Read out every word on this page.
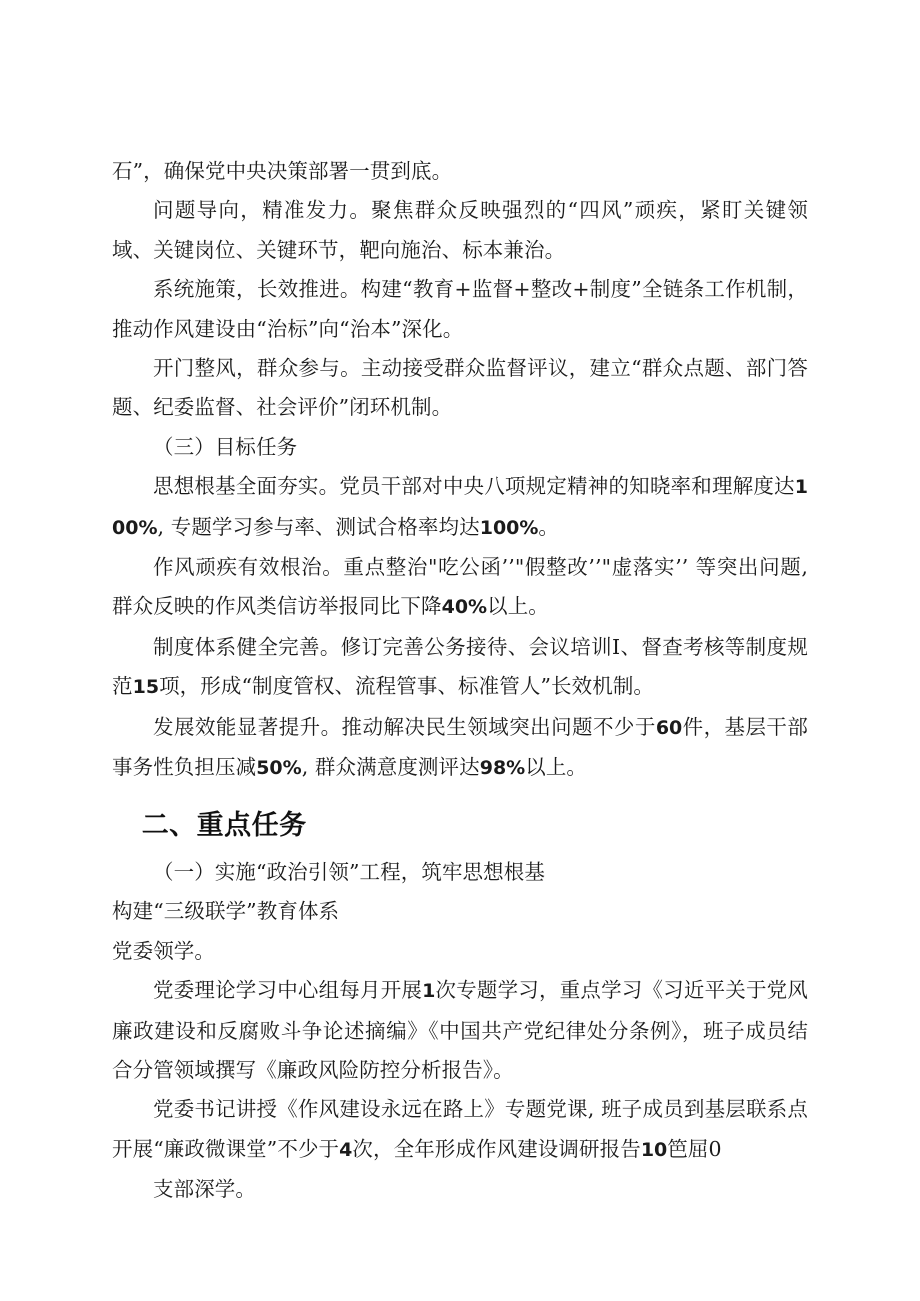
石”，确保党中央决策部署一贯到底。

问题导向，精准发力。聚焦群众反映强烈的“四风”顽疾，紧盯关键领域、关键岗位、关键环节，靶向施治、标本兼治。

系统施策，长效推进。构建“教育+监督+整改+制度”全链条工作机制，推动作风建设由“治标”向“治本”深化。

开门整风，群众参与。主动接受群众监督评议，建立“群众点题、部门答题、纪委监督、社会评价”闭环机制。

（三）目标任务

思想根基全面夯实。党员干部对中央八项规定精神的知晓率和理解度达100%, 专题学习参与率、测试合格率均达100%。

作风顽疾有效根治。重点整治"吃公函’’"假整改’’"虚落实’’ 等突出问题, 群众反映的作风类信访举报同比下降40%以上。

制度体系健全完善。修订完善公务接待、会议培训I、督查考核等制度规范15项，形成“制度管权、流程管事、标准管人”长效机制。

发展效能显著提升。推动解决民生领域突出问题不少于60件，基层干部事务性负担压减50%, 群众满意度测评达98%以上。

二、重点任务

（一）实施“政治引领”工程，筑牢思想根基

构建“三级联学”教育体系

党委领学。

党委理论学习中心组每月开展1次专题学习，重点学习《习近平关于党风廉政建设和反腐败斗争论述摘编》《中国共产党纪律处分条例》，班子成员结合分管领域撰写《廉政风险防控分析报告》。

党委书记讲授《作风建设永远在路上》专题党课, 班子成员到基层联系点开展“廉政微课堂”不少于4次，全年形成作风建设调研报告10笆屈0

支部深学。
